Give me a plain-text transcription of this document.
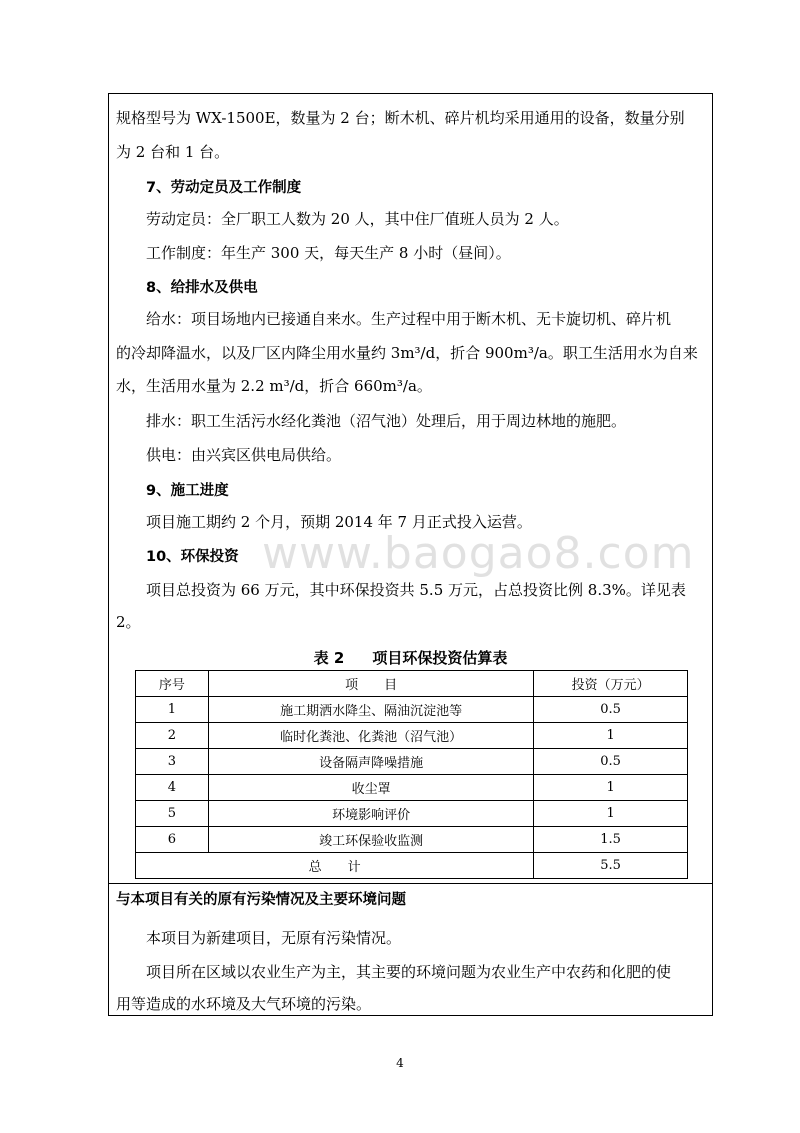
www.baogao8.com
规格型号为 WX-1500E，数量为 2 台；断木机、碎片机均采用通用的设备，数量分别
为 2 台和 1 台。
7、劳动定员及工作制度
劳动定员：全厂职工人数为 20 人，其中住厂值班人员为 2 人。
工作制度：年生产 300 天，每天生产 8 小时（昼间）。
8、给排水及供电
给水：项目场地内已接通自来水。生产过程中用于断木机、无卡旋切机、碎片机
的冷却降温水，以及厂区内降尘用水量约 3m³/d，折合 900m³/a。职工生活用水为自来
水，生活用水量为 2.2 m³/d，折合 660m³/a。
排水：职工生活污水经化粪池（沼气池）处理后，用于周边林地的施肥。
供电：由兴宾区供电局供给。
9、施工进度
项目施工期约 2 个月，预期 2014 年 7 月正式投入运营。
10、环保投资
项目总投资为 66 万元，其中环保投资共 5.5 万元，占总投资比例 8.3%。详见表
2。
表 2 项目环保投资估算表
序号	项　　目	投资（万元）
1	施工期洒水降尘、隔油沉淀池等	0.5
2	临时化粪池、化粪池（沼气池）	1
3	设备隔声降噪措施	0.5
4	收尘罩	1
5	环境影响评价	1
6	竣工环保验收监测	1.5
总　　计		5.5
与本项目有关的原有污染情况及主要环境问题
本项目为新建项目，无原有污染情况。
项目所在区域以农业生产为主，其主要的环境问题为农业生产中农药和化肥的使
用等造成的水环境及大气环境的污染。
4
